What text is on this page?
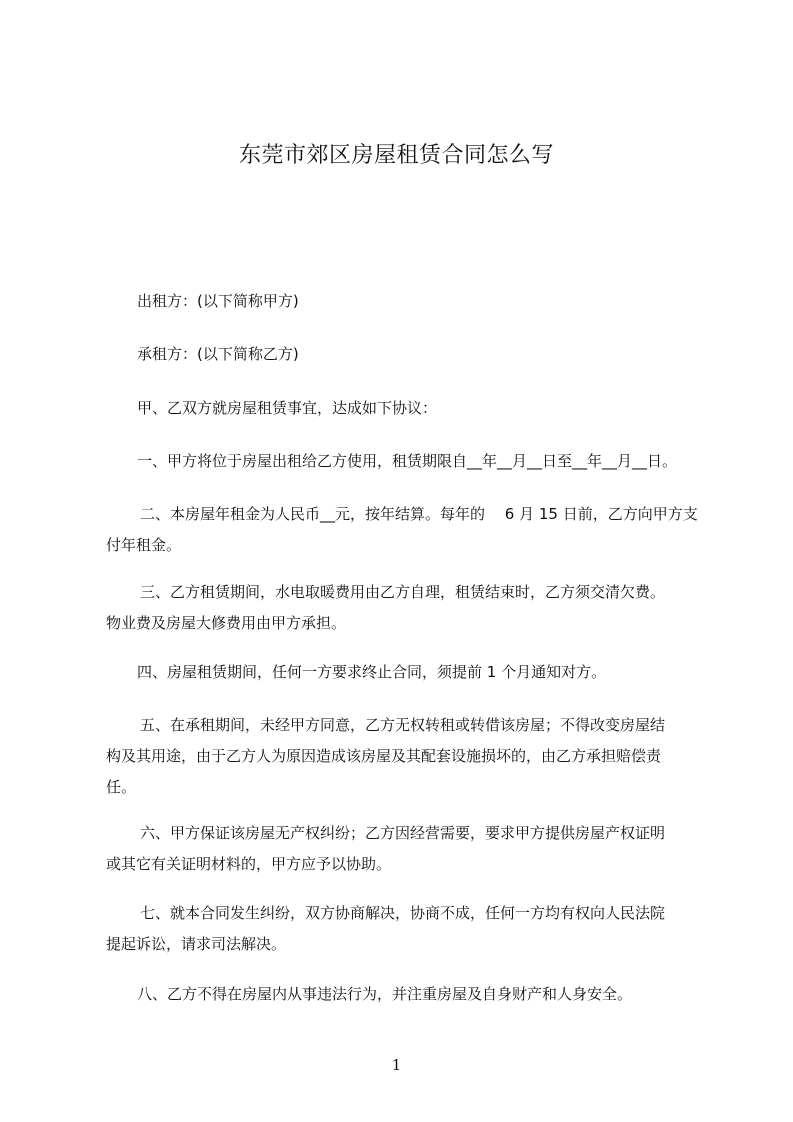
东莞市郊区房屋租赁合同怎么写

出租方：(以下简称甲方)

承租方：(以下简称乙方)

甲、乙双方就房屋租赁事宜，达成如下协议：

一、甲方将位于房屋出租给乙方使用，租赁期限自__年__月__日至__年__月__日。

二、本房屋年租金为人民币__元，按年结算。每年的　 6 月 15 日前，乙方向甲方支
付年租金。

三、乙方租赁期间，水电取暖费用由乙方自理，租赁结束时，乙方须交清欠费。
物业费及房屋大修费用由甲方承担。

四、房屋租赁期间，任何一方要求终止合同，须提前 1 个月通知对方。

五、在承租期间，未经甲方同意，乙方无权转租或转借该房屋；不得改变房屋结
构及其用途，由于乙方人为原因造成该房屋及其配套设施损坏的，由乙方承担赔偿责
任。

六、甲方保证该房屋无产权纠纷；乙方因经营需要，要求甲方提供房屋产权证明
或其它有关证明材料的，甲方应予以协助。

七、就本合同发生纠纷，双方协商解决，协商不成，任何一方均有权向人民法院
提起诉讼，请求司法解决。

八、乙方不得在房屋内从事违法行为，并注重房屋及自身财产和人身安全。

1
